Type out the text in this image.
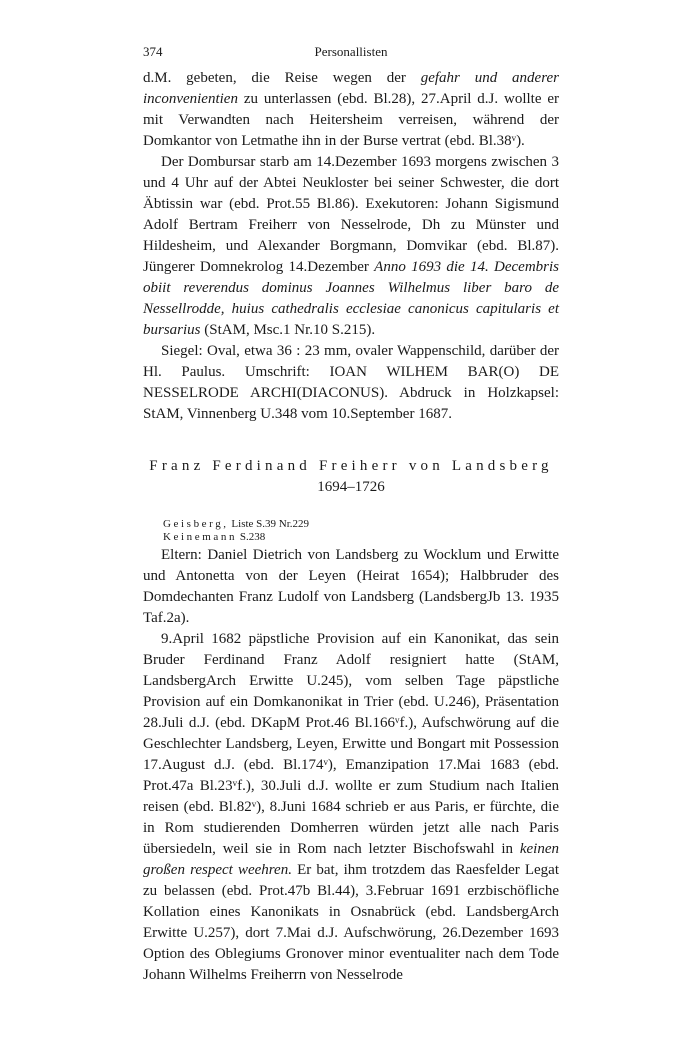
374	Personallisten

d.M. gebeten, die Reise wegen der gefahr und anderer inconvenientien zu unterlassen (ebd. Bl.28), 27.April d.J. wollte er mit Verwandten nach Heitersheim verreisen, während der Domkantor von Letmathe ihn in der Burse vertrat (ebd. Bl.38ᵛ).

Der Dombursar starb am 14.Dezember 1693 morgens zwischen 3 und 4 Uhr auf der Abtei Neukloster bei seiner Schwester, die dort Äbtissin war (ebd. Prot.55 Bl.86). Exekutoren: Johann Sigismund Adolf Bertram Freiherr von Nesselrode, Dh zu Münster und Hildesheim, und Alexander Borgmann, Domvikar (ebd. Bl.87). Jüngerer Domnekrolog 14.Dezember Anno 1693 die 14. Decembris obiit reverendus dominus Joannes Wilhelmus liber baro de Nessellrodde, huius cathedralis ecclesiae canonicus capitularis et bursarius (StAM, Msc.1 Nr.10 S.215).

Siegel: Oval, etwa 36 : 23 mm, ovaler Wappenschild, darüber der Hl. Paulus. Umschrift: IOAN WILHEM BAR(O) DE NESSELRODE ARCHI(DIACONUS). Abdruck in Holzkapsel: StAM, Vinnenberg U.348 vom 10.September 1687.

Franz Ferdinand Freiherr von Landsberg
1694–1726
Geisberg, Liste S.39 Nr.229
Keinemann S.238

Eltern: Daniel Dietrich von Landsberg zu Wocklum und Erwitte und Antonetta von der Leyen (Heirat 1654); Halbbruder des Domdechanten Franz Ludolf von Landsberg (LandsbergJb 13. 1935 Taf.2a).

9.April 1682 päpstliche Provision auf ein Kanonikat, das sein Bruder Ferdinand Franz Adolf resigniert hatte (StAM, LandsbergArch Erwitte U.245), vom selben Tage päpstliche Provision auf ein Domkanonikat in Trier (ebd. U.246), Präsentation 28.Juli d.J. (ebd. DKapM Prot.46 Bl.166ᵛf.), Aufschwörung auf die Geschlechter Landsberg, Leyen, Erwitte und Bongart mit Possession 17.August d.J. (ebd. Bl.174ᵛ), Emanzipation 17.Mai 1683 (ebd. Prot.47a Bl.23ᵛf.), 30.Juli d.J. wollte er zum Studium nach Italien reisen (ebd. Bl.82ᵛ), 8.Juni 1684 schrieb er aus Paris, er fürchte, die in Rom studierenden Domherren würden jetzt alle nach Paris übersiedeln, weil sie in Rom nach letzter Bischofswahl in keinen großen respect weehren. Er bat, ihm trotzdem das Raesfelder Legat zu belassen (ebd. Prot.47b Bl.44), 3.Februar 1691 erzbischöfliche Kollation eines Kanonikats in Osnabrück (ebd. LandsbergArch Erwitte U.257), dort 7.Mai d.J. Aufschwörung, 26.Dezember 1693 Option des Oblegiums Gronover minor eventualiter nach dem Tode Johann Wilhelms Freiherrn von Nesselrode
